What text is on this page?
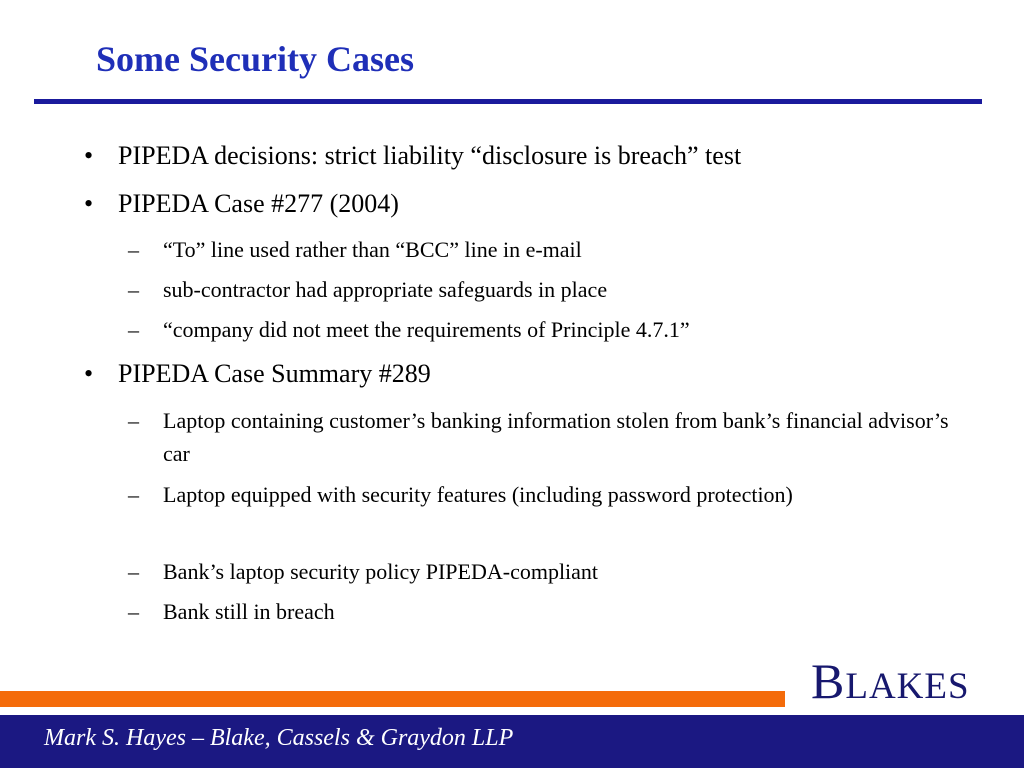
Some Security Cases
• PIPEDA decisions: strict liability “disclosure is breach” test
• PIPEDA Case #277 (2004)
–	“To” line used rather than “BCC” line in e-mail
–	sub-contractor had appropriate safeguards in place
–	“company did not meet the requirements of Principle 4.7.1”
• PIPEDA Case Summary #289
–	Laptop containing customer’s banking information stolen from bank’s financial advisor’s car
–	Laptop equipped with security features (including password protection)
–	Bank’s laptop security policy PIPEDA-compliant
–	Bank still in breach
BLAKES
Mark S. Hayes – Blake, Cassels & Graydon LLP
